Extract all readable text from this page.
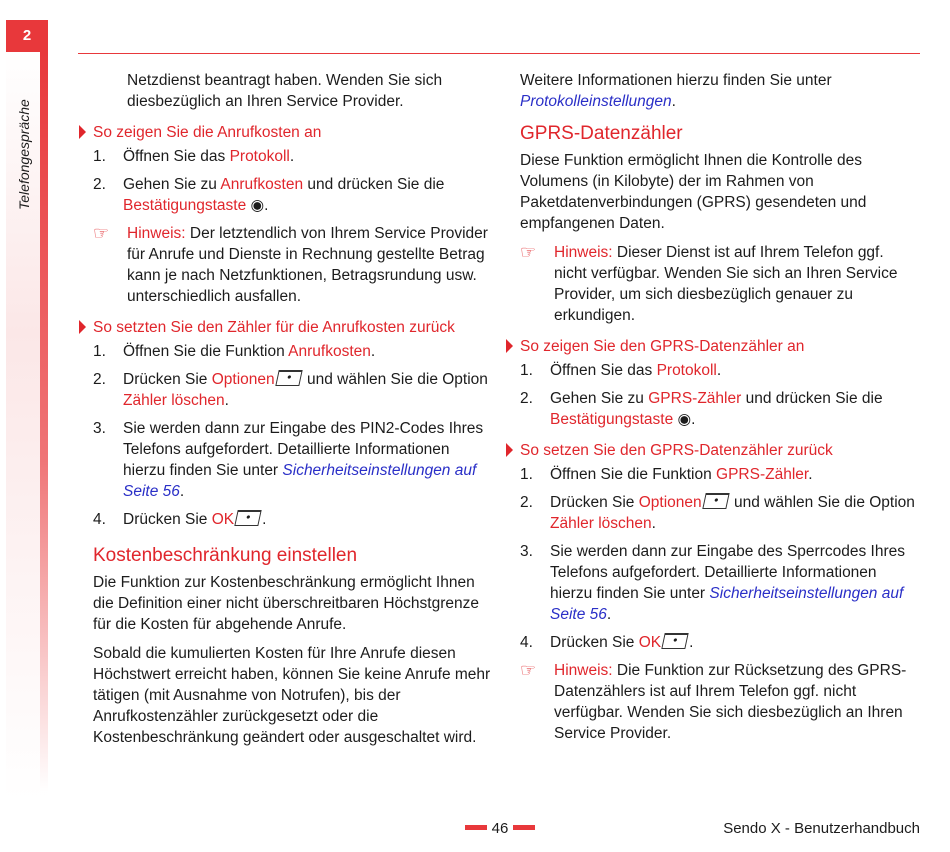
2
Telefongespräche

Netzdienst beantragt haben. Wenden Sie sich diesbezüglich an Ihren Service Provider.

So zeigen Sie die Anrufkosten an
1. Öffnen Sie das Protokoll.
2. Gehen Sie zu Anrufkosten und drücken Sie die Bestätigungstaste ◉.
☞ Hinweis: Der letztendlich von Ihrem Service Provider für Anrufe und Dienste in Rechnung gestellte Betrag kann je nach Netzfunktionen, Betragsrundung usw. unterschiedlich ausfallen.
So setzten Sie den Zähler für die Anrufkosten zurück
1. Öffnen Sie die Funktion Anrufkosten.
2. Drücken Sie Optionen• und wählen Sie die Option Zähler löschen.
3. Sie werden dann zur Eingabe des PIN2-Codes Ihres Telefons aufgefordert. Detaillierte Informationen hierzu finden Sie unter Sicherheitseinstellungen auf Seite 56.
4. Drücken Sie OK • .
Kostenbeschränkung einstellen

Die Funktion zur Kostenbeschränkung ermöglicht Ihnen die Definition einer nicht überschreitbaren Höchstgrenze für die Kosten für abgehende Anrufe.

Sobald die kumulierten Kosten für Ihre Anrufe diesen Höchstwert erreicht haben, können Sie keine Anrufe mehr tätigen (mit Ausnahme von Notrufen), bis der Anrufkostenzähler zurückgesetzt oder die Kostenbeschränkung geändert oder ausgeschaltet wird.

Weitere Informationen hierzu finden Sie unter
Protokolleinstellungen.

GPRS-Datenzähler

Diese Funktion ermöglicht Ihnen die Kontrolle des Volumens (in Kilobyte) der im Rahmen von Paketdatenverbindungen (GPRS) gesendeten und empfangenen Daten.

☞ Hinweis: Dieser Dienst ist auf Ihrem Telefon ggf. nicht verfügbar. Wenden Sie sich an Ihren Service Provider, um sich diesbezüglich genauer zu erkundigen.
So zeigen Sie den GPRS-Datenzähler an
1. Öffnen Sie das Protokoll.
2. Gehen Sie zu GPRS-Zähler und drücken Sie die Bestätigungstaste ◉.
So setzen Sie den GPRS-Datenzähler zurück
1. Öffnen Sie die Funktion GPRS-Zähler.
2. Drücken Sie Optionen• und wählen Sie die Option Zähler löschen.
3. Sie werden dann zur Eingabe des Sperrcodes Ihres Telefons aufgefordert. Detaillierte Informationen hierzu finden Sie unter Sicherheitseinstellungen auf Seite 56.
4. Drücken Sie OK • .
☞ Hinweis: Die Funktion zur Rücksetzung des GPRS-Datenzählers ist auf Ihrem Telefon ggf. nicht verfügbar. Wenden Sie sich diesbezüglich an Ihren Service Provider.
46	Sendo X - Benutzerhandbuch
